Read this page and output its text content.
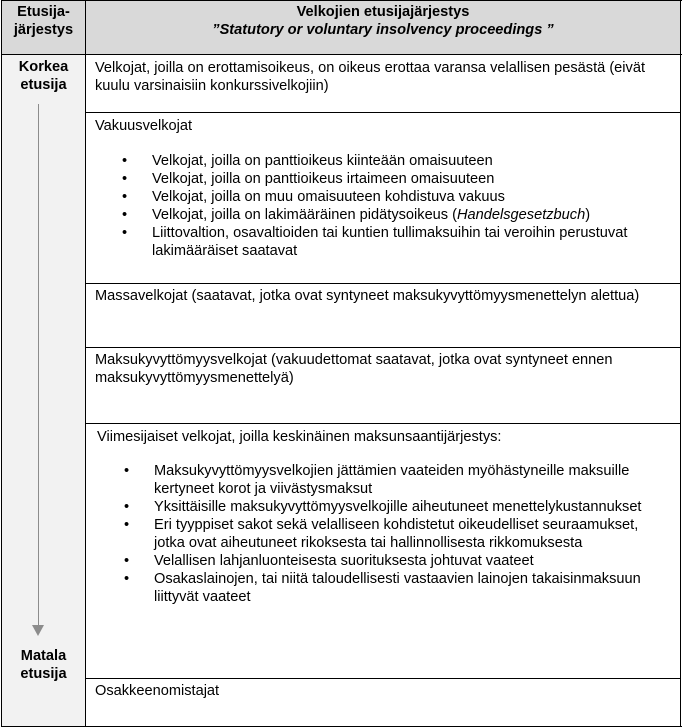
Etusija-
järjestys
Velkojien etusijajärjestys
”Statutory or voluntary insolvency proceedings ”
Korkea
etusija
Matala
etusija
Velkojat, joilla on erottamisoikeus, on oikeus erottaa varansa velallisen pesästä (eivät kuulu varsinaisiin konkurssivelkojiin)
Vakuusvelkojat
• Velkojat, joilla on panttioikeus kiinteään omaisuuteen
• Velkojat, joilla on panttioikeus irtaimeen omaisuuteen
• Velkojat, joilla on muu omaisuuteen kohdistuva vakuus
• Velkojat, joilla on lakimääräinen pidätysoikeus (Handelsgesetzbuch)
• Liittovaltion, osavaltioiden tai kuntien tullimaksuihin tai veroihin perustuvat lakimääräiset saatavat
Massavelkojat (saatavat, jotka ovat syntyneet maksukyvyttömyysmenettelyn alettua)
Maksukyvyttömyysvelkojat (vakuudettomat saatavat, jotka ovat syntyneet ennen maksukyvyttömyysmenettelyä)
Viimesijaiset velkojat, joilla keskinäinen maksunsaantijärjestys:
• Maksukyvyttömyysvelkojien jättämien vaateiden myöhästyneille maksuille kertyneet korot ja viivästysmaksut
• Yksittäisille maksukyvyttömyysvelkojille aiheutuneet menettelykustannukset
• Eri tyyppiset sakot sekä velalliseen kohdistetut oikeudelliset seuraamukset, jotka ovat aiheutuneet rikoksesta tai hallinnollisesta rikkomuksesta
• Velallisen lahjanluonteisesta suorituksesta johtuvat vaateet
• Osakaslainojen, tai niitä taloudellisesti vastaavien lainojen takaisinmaksuun liittyvät vaateet
Osakkeenomistajat
